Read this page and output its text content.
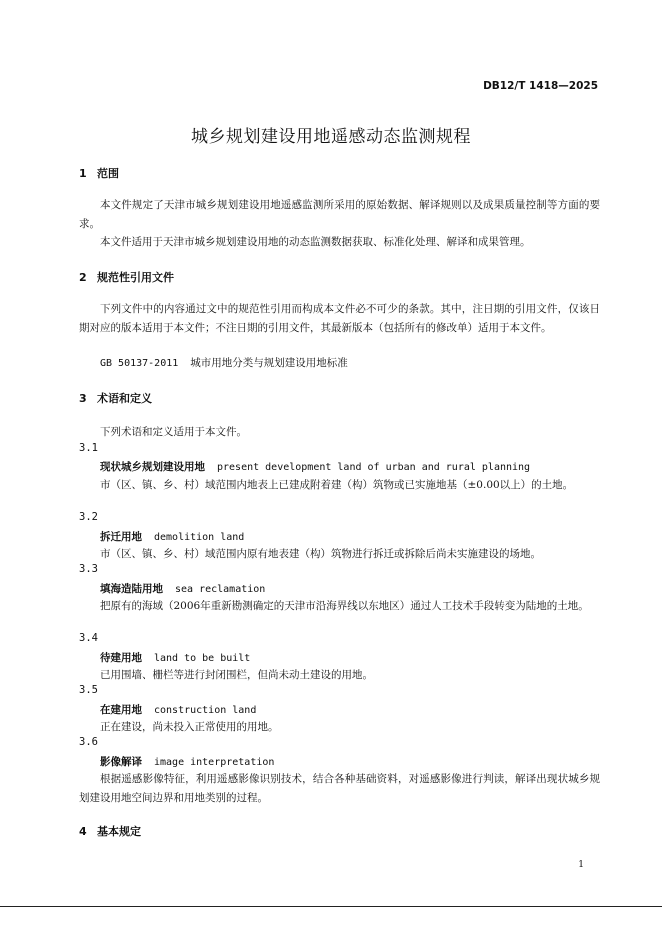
DB12/T 1418—2025
城乡规划建设用地遥感动态监测规程
1 范围
本文件规定了天津市城乡规划建设用地遥感监测所采用的原始数据、解译规则以及成果质量控制等方面的要求。
本文件适用于天津市城乡规划建设用地的动态监测数据获取、标准化处理、解译和成果管理。
2 规范性引用文件
下列文件中的内容通过文中的规范性引用而构成本文件必不可少的条款。其中，注日期的引用文件，仅该日期对应的版本适用于本文件；不注日期的引用文件，其最新版本（包括所有的修改单）适用于本文件。
GB 50137-2011 城市用地分类与规划建设用地标准
3 术语和定义
下列术语和定义适用于本文件。
3.1
现状城乡规划建设用地 present development land of urban and rural planning
市（区、镇、乡、村）域范围内地表上已建成附着建（构）筑物或已实施地基（±0.00以上）的土地。
3.2
拆迁用地 demolition land
市（区、镇、乡、村）域范围内原有地表建（构）筑物进行拆迁或拆除后尚未实施建设的场地。
3.3
填海造陆用地 sea reclamation
把原有的海域（2006年重新勘测确定的天津市沿海界线以东地区）通过人工技术手段转变为陆地的土地。
3.4
待建用地 land to be built
已用围墙、栅栏等进行封闭围栏，但尚未动土建设的用地。
3.5
在建用地 construction land
正在建设，尚未投入正常使用的用地。
3.6
影像解译 image interpretation
根据遥感影像特征，利用遥感影像识别技术，结合各种基础资料，对遥感影像进行判读，解译出现状城乡规划建设用地空间边界和用地类别的过程。
4 基本规定
1
